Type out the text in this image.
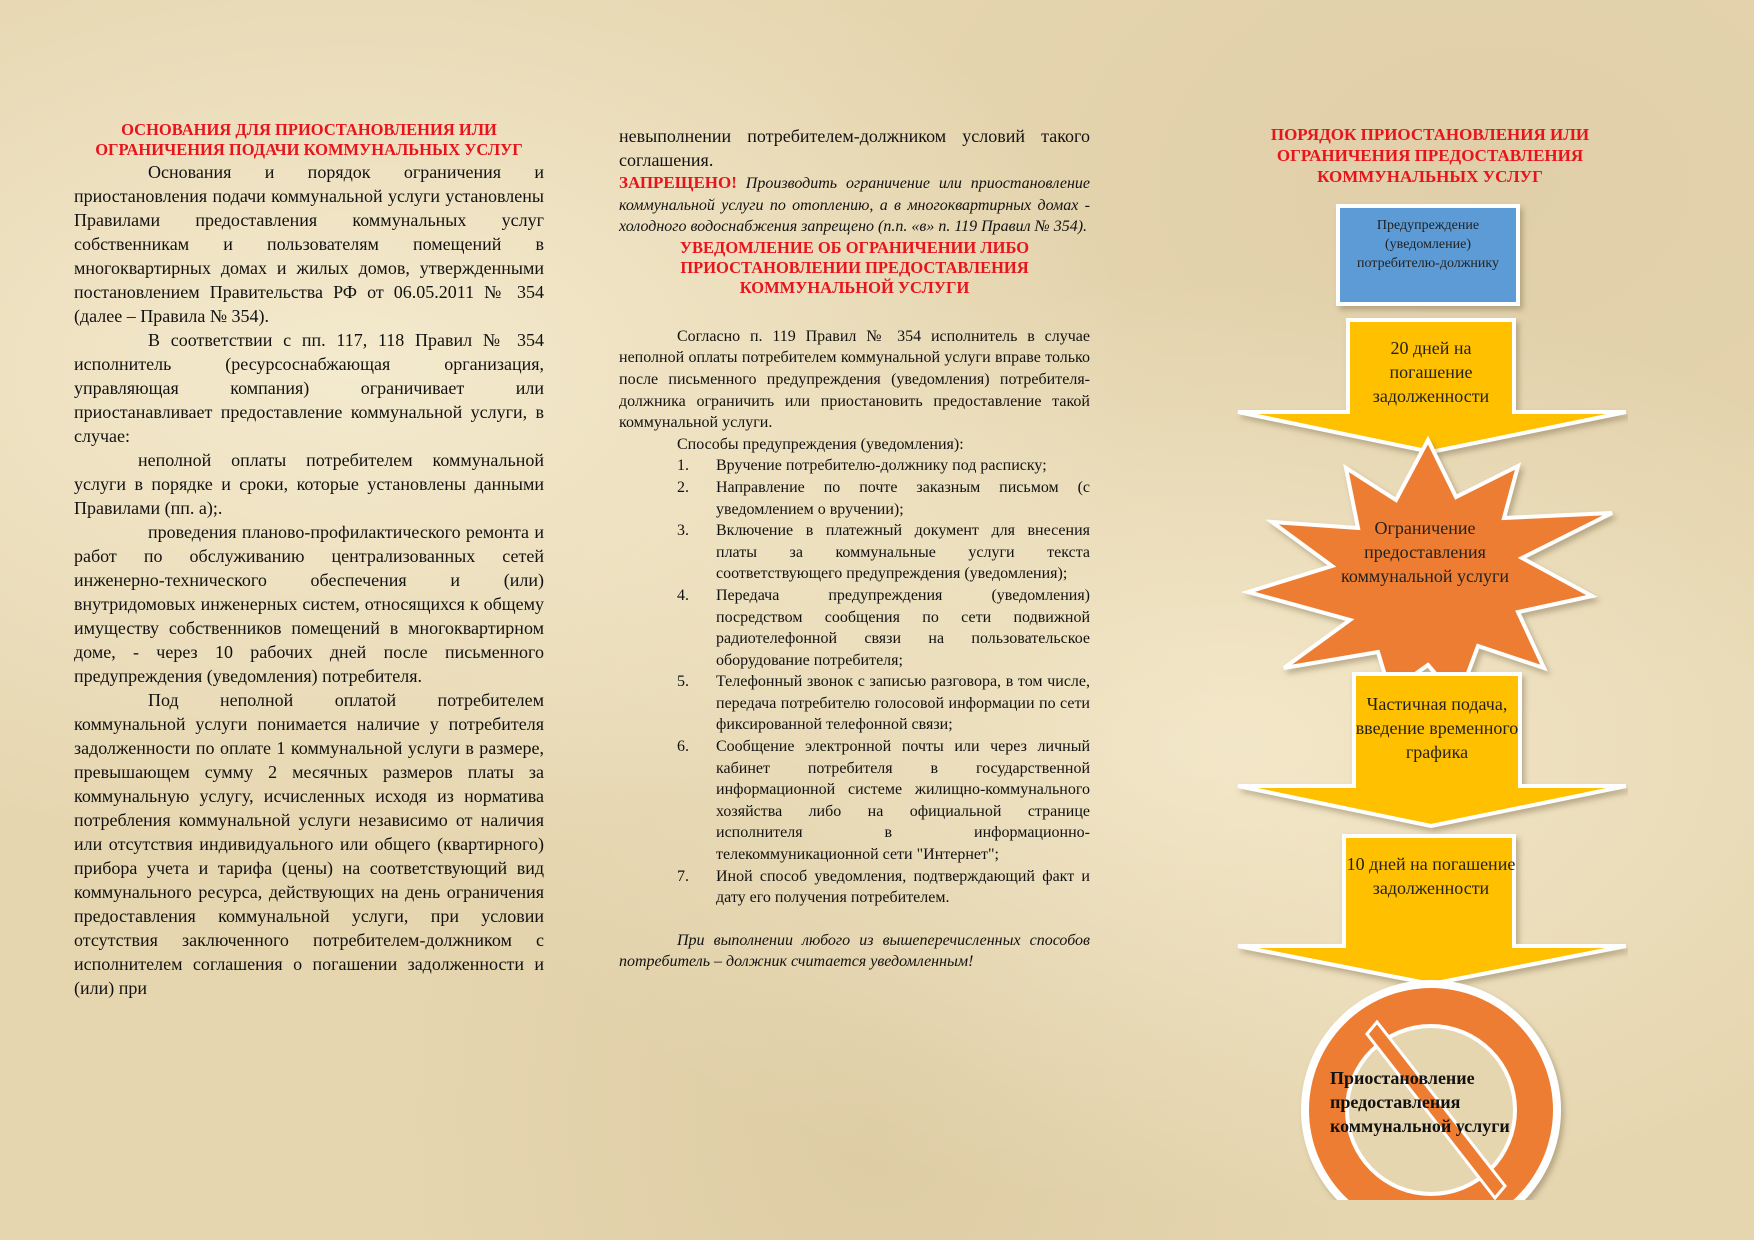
ОСНОВАНИЯ ДЛЯ ПРИОСТАНОВЛЕНИЯ ИЛИ ОГРАНИЧЕНИЯ ПОДАЧИ КОММУНАЛЬНЫХ УСЛУГ

Основания и порядок ограничения и приостановления подачи коммунальной услуги установлены Правилами предоставления коммунальных услуг собственникам и пользователям помещений в многоквартирных домах и жилых домов, утвержденными постановлением Правительства РФ от 06.05.2011 № 354 (далее – Правила № 354).

В соответствии с пп. 117, 118 Правил № 354 исполнитель (ресурсоснабжающая организация, управляющая компания) ограничивает или приостанавливает предоставление коммунальной услуги, в случае:

неполной оплаты потребителем коммунальной услуги в порядке и сроки, которые установлены данными Правилами (пп. а);.

проведения планово-профилактического ремонта и работ по обслуживанию централизованных сетей инженерно-технического обеспечения и (или) внутридомовых инженерных систем, относящихся к общему имуществу собственников помещений в многоквартирном доме, - через 10 рабочих дней после письменного предупреждения (уведомления) потребителя.

Под неполной оплатой потребителем коммунальной услуги понимается наличие у потребителя задолженности по оплате 1 коммунальной услуги в размере, превышающем сумму 2 месячных размеров платы за коммунальную услугу, исчисленных исходя из норматива потребления коммунальной услуги независимо от наличия или отсутствия индивидуального или общего (квартирного) прибора учета и тарифа (цены) на соответствующий вид коммунального ресурса, действующих на день ограничения предоставления коммунальной услуги, при условии отсутствия заключенного потребителем-должником с исполнителем соглашения о погашении задолженности и (или) при

невыполнении потребителем-должником условий такого соглашения.

ЗАПРЕЩЕНО! Производить ограничение или приостановление коммунальной услуги по отоплению, а в многоквартирных домах - холодного водоснабжения запрещено (п.п. «в» п. 119 Правил № 354).

УВЕДОМЛЕНИЕ ОБ ОГРАНИЧЕНИИ ЛИБО ПРИОСТАНОВЛЕНИИ ПРЕДОСТАВЛЕНИЯ КОММУНАЛЬНОЙ УСЛУГИ

Согласно п. 119 Правил № 354 исполнитель в случае неполной оплаты потребителем коммунальной услуги вправе только после письменного предупреждения (уведомления) потребителя-должника ограничить или приостановить предоставление такой коммунальной услуги.

Способы предупреждения (уведомления):

1. Вручение потребителю-должнику под расписку;
2. Направление по почте заказным письмом (с уведомлением о вручении);
3. Включение в платежный документ для внесения платы за коммунальные услуги текста соответствующего предупреждения (уведомления);
4. Передача предупреждения (уведомления) посредством сообщения по сети подвижной радиотелефонной связи на пользовательское оборудование потребителя;
5. Телефонный звонок с записью разговора, в том числе, передача потребителю голосовой информации по сети фиксированной телефонной связи;
6. Сообщение электронной почты или через личный кабинет потребителя в государственной информационной системе жилищно-коммунального хозяйства либо на официальной странице исполнителя в информационно-телекоммуникационной сети "Интернет";
7. Иной способ уведомления, подтверждающий факт и дату его получения потребителем.

При выполнении любого из вышеперечисленных способов потребитель – должник считается уведомленным!

ПОРЯДОК ПРИОСТАНОВЛЕНИЯ ИЛИ ОГРАНИЧЕНИЯ ПРЕДОСТАВЛЕНИЯ КОММУНАЛЬНЫХ УСЛУГ

Предупреждение (уведомление) потребителю-должнику
20 дней на погашение задолженности
Ограничение предоставления коммунальной услуги
Частичная подача, введение временного графика
10 дней на погашение задолженности
Приостановление предоставления коммунальной услуги
